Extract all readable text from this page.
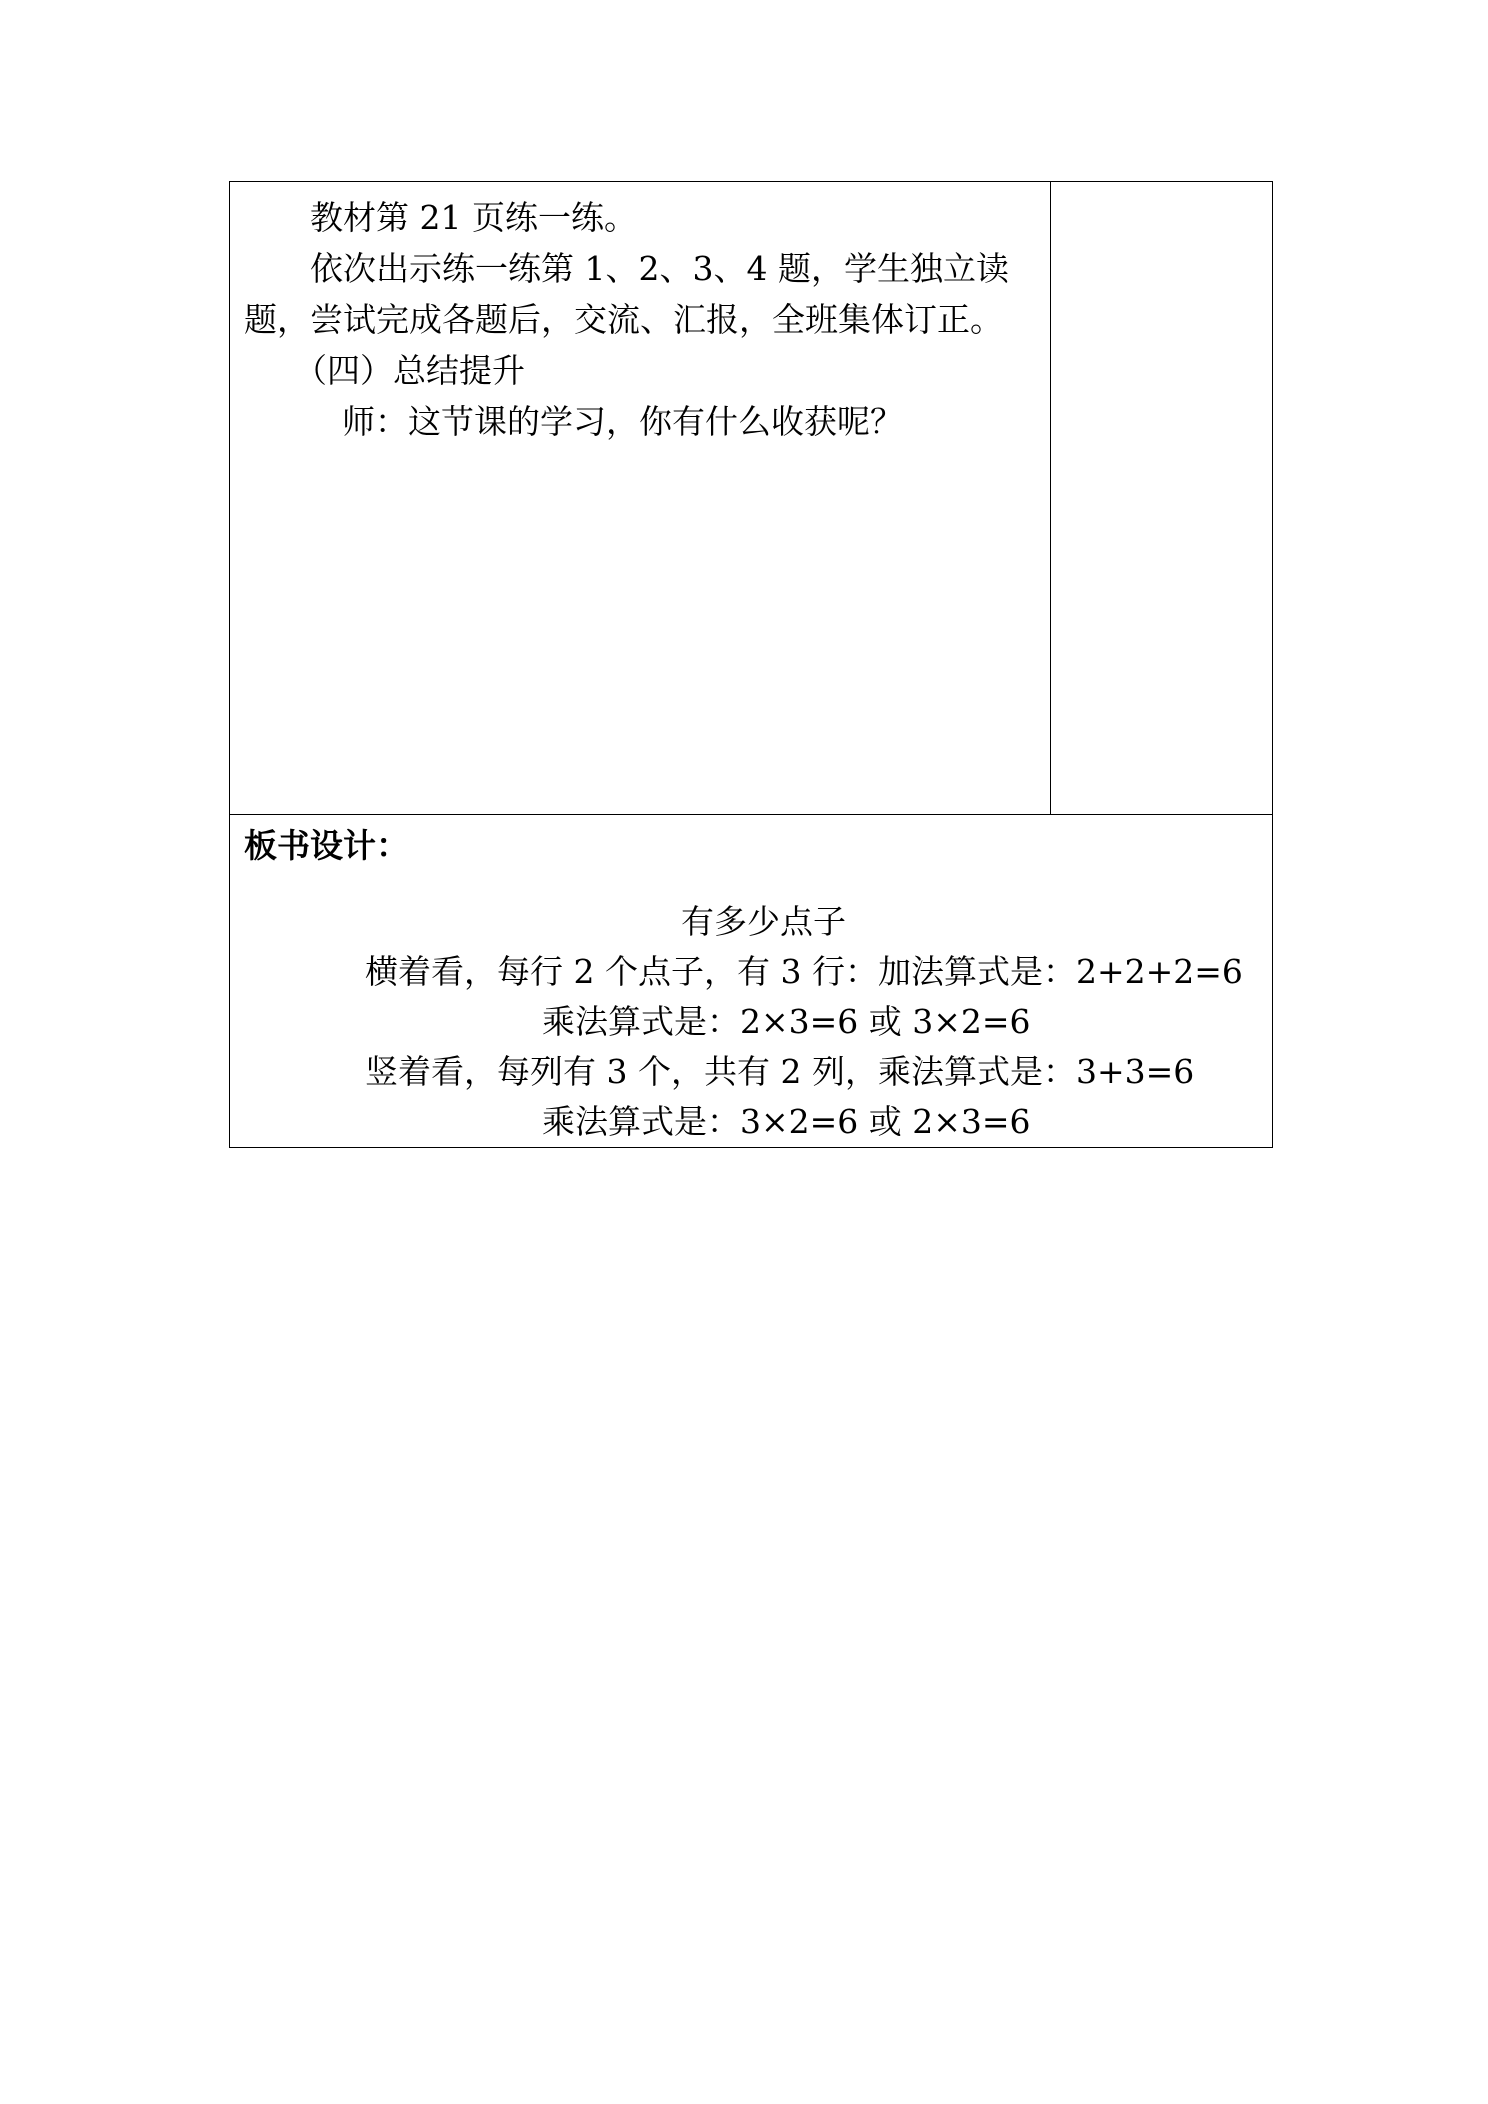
教材第 21 页练一练。

依次出示练一练第 1、2、3、4 题，学生独立读

题，尝试完成各题后，交流、汇报，全班集体订正。

（四）总结提升

师：这节课的学习，你有什么收获呢？

板书设计：

有多少点子

横着看，每行 2 个点子，有 3 行：加法算式是：2+2+2=6

乘法算式是：2×3=6 或 3×2=6

竖着看，每列有 3 个，共有 2 列，乘法算式是：3+3=6

乘法算式是：3×2=6 或 2×3=6
